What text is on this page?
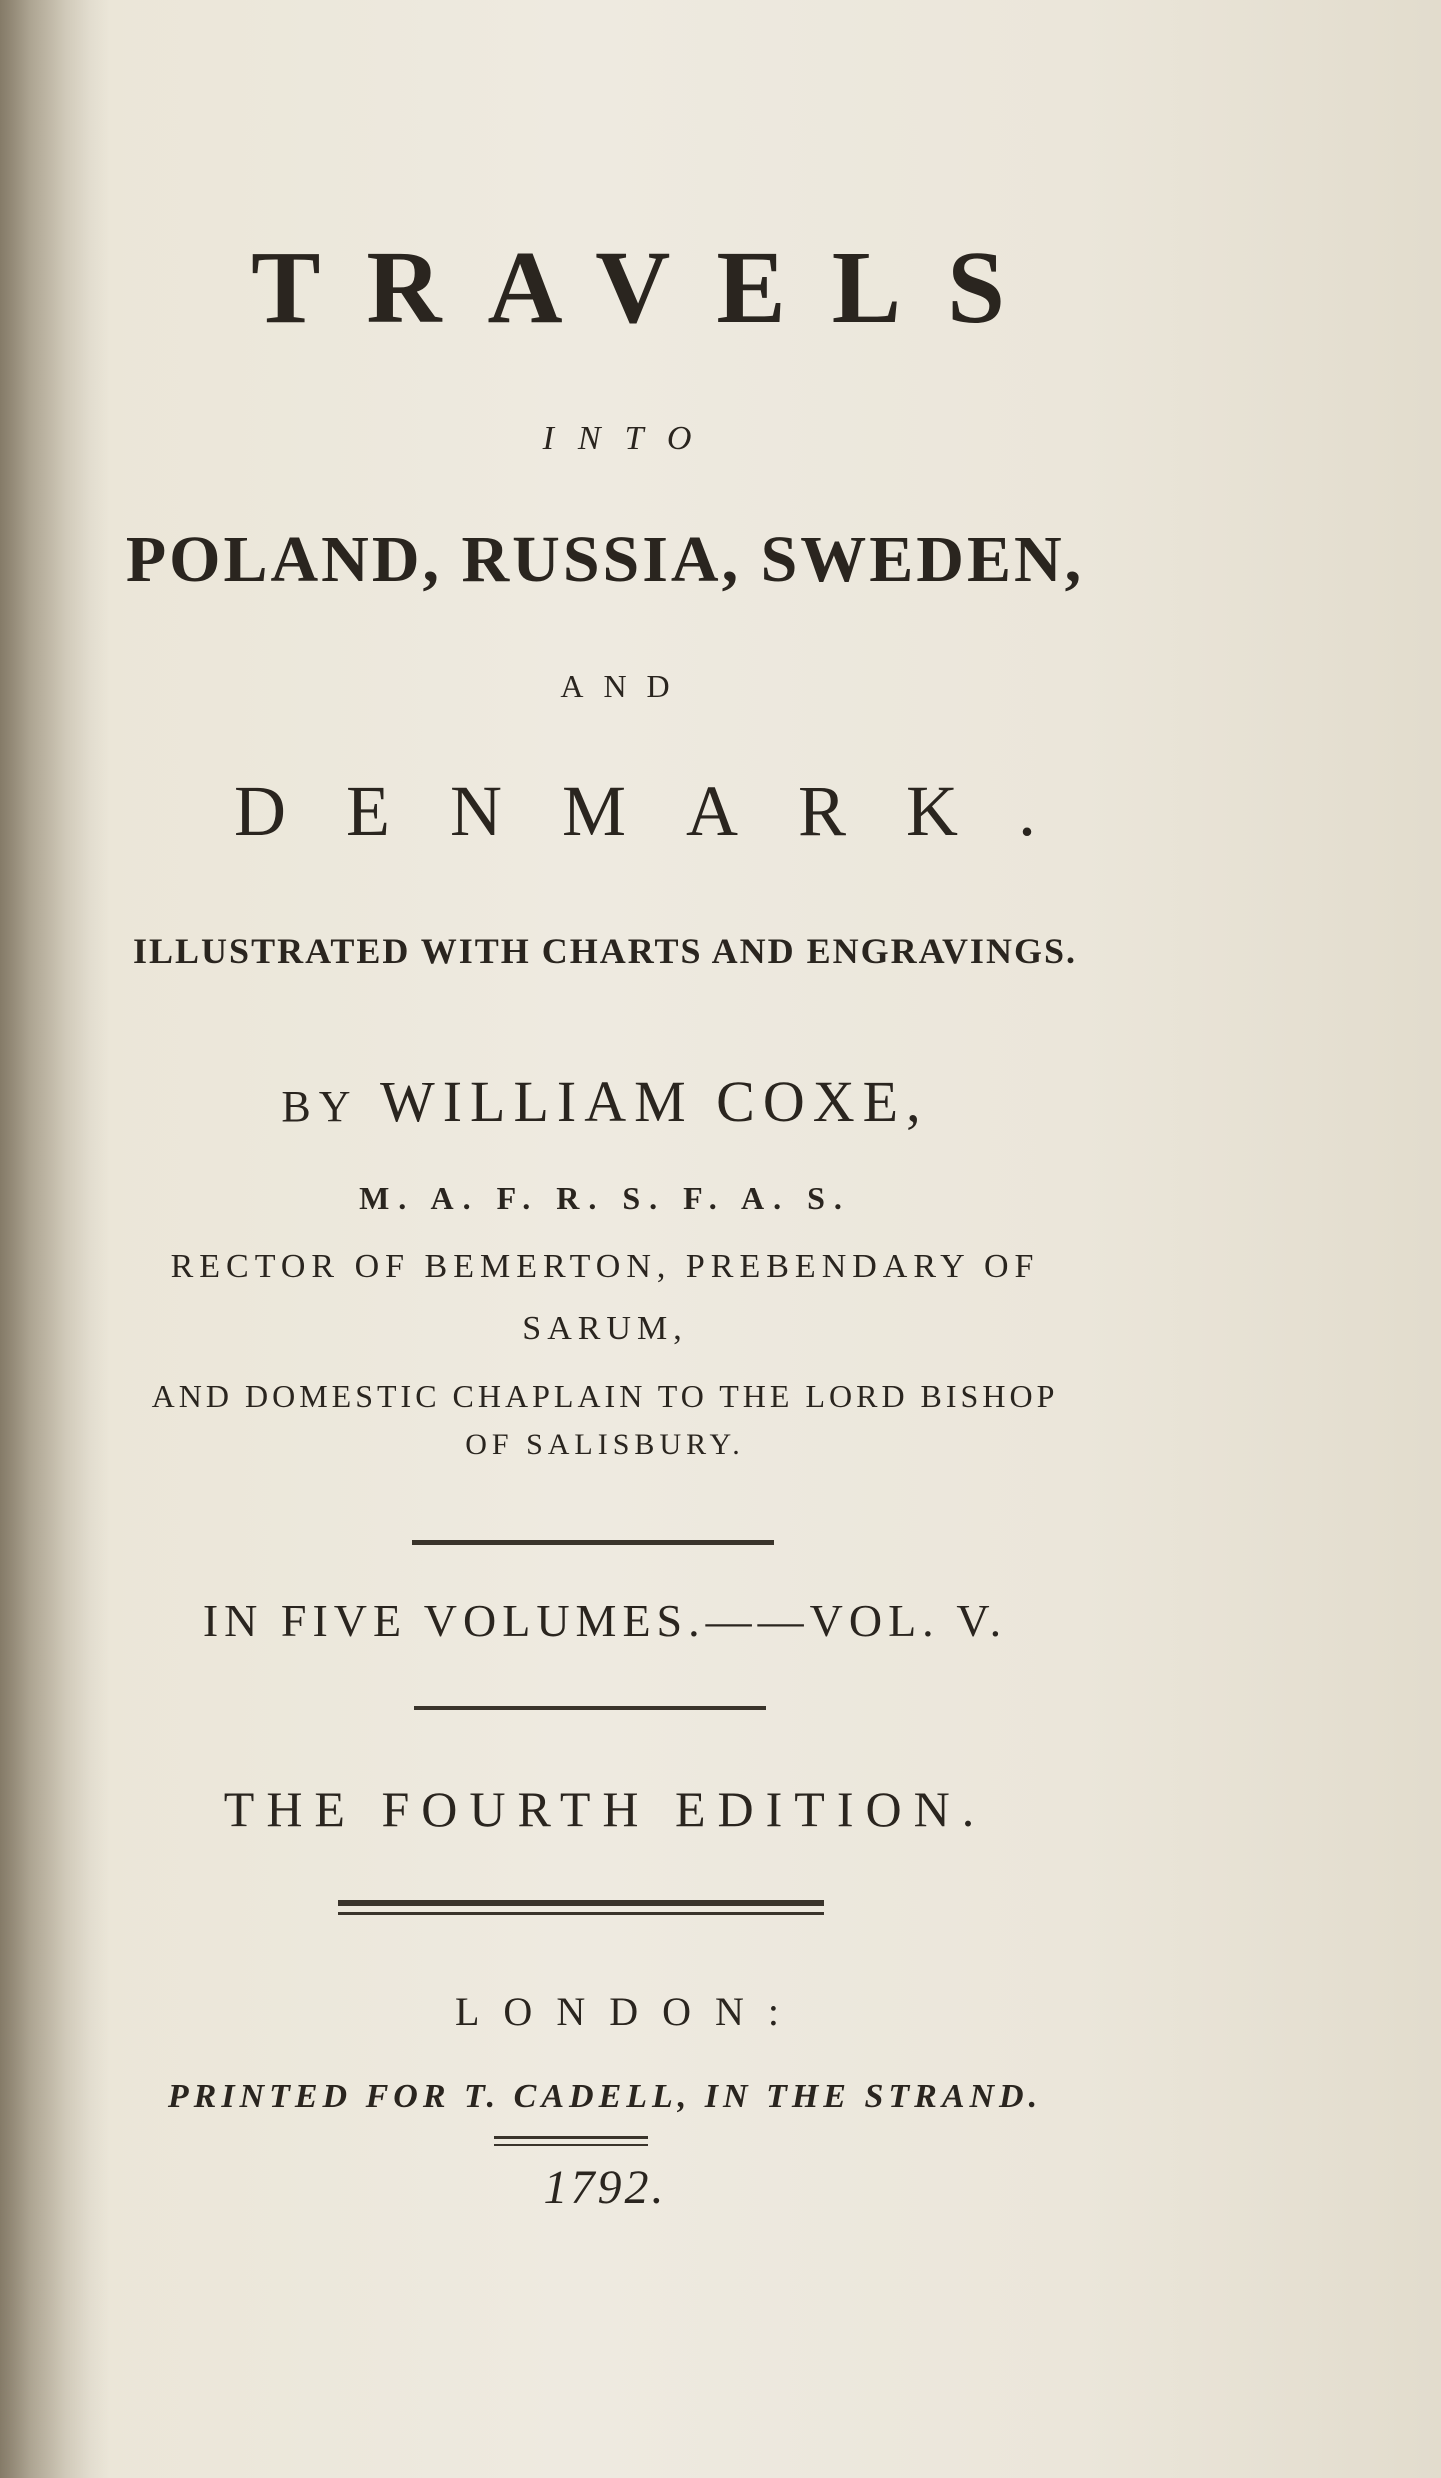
TRAVELS
INTO
POLAND, RUSSIA, SWEDEN,
AND
DENMARK.
ILLUSTRATED WITH CHARTS AND ENGRAVINGS.
BY WILLIAM COXE,
M. A. F. R. S. F. A. S.
RECTOR OF BEMERTON, PREBENDARY OF
SARUM,
AND DOMESTIC CHAPLAIN TO THE LORD BISHOP
OF SALISBURY.
IN FIVE VOLUMES.——VOL. V.
THE FOURTH EDITION.
LONDON:
PRINTED FOR T. CADELL, IN THE STRAND.
1792.
